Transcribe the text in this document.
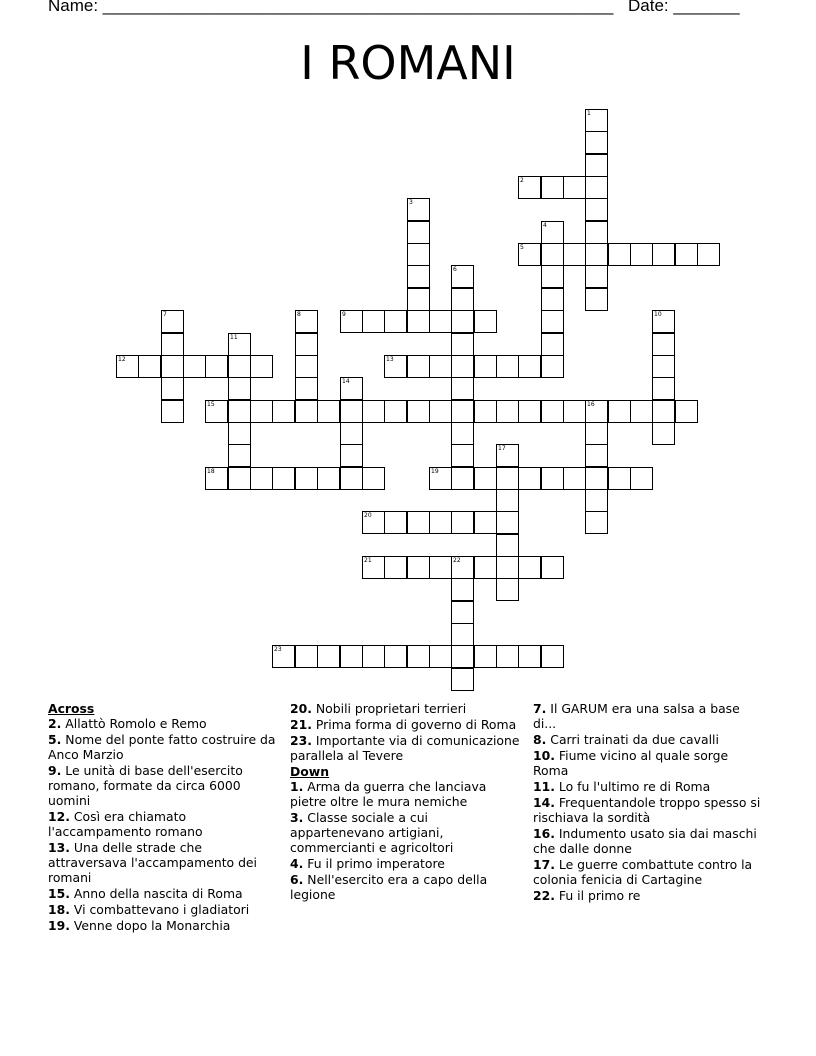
Name: ______________________________________________________ Date: _______
I ROMANI
1
2
3
4
5
6
7	8	9	10
11
12	13
14
15	16
17
18	19
20
21	22
23
Across
2. Allattò Romolo e Remo
5. Nome del ponte fatto costruire da Anco Marzio
9. Le unità di base dell'esercito romano, formate da circa 6000 uomini
12. Così era chiamato l'accampamento romano
13. Una delle strade che attraversava l'accampamento dei romani
15. Anno della nascita di Roma
18. Vi combattevano i gladiatori
19. Venne dopo la Monarchia
20. Nobili proprietari terrieri
21. Prima forma di governo di Roma
23. Importante via di comunicazione parallela al Tevere
Down
1. Arma da guerra che lanciava pietre oltre le mura nemiche
3. Classe sociale a cui appartenevano artigiani, commercianti e agricoltori
4. Fu il primo imperatore
6. Nell'esercito era a capo della legione
7. Il GARUM era una salsa a base di...
8. Carri trainati da due cavalli
10. Fiume vicino al quale sorge Roma
11. Lo fu l'ultimo re di Roma
14. Frequentandole troppo spesso si rischiava la sordità
16. Indumento usato sia dai maschi che dalle donne
17. Le guerre combattute contro la colonia fenicia di Cartagine
22. Fu il primo re
